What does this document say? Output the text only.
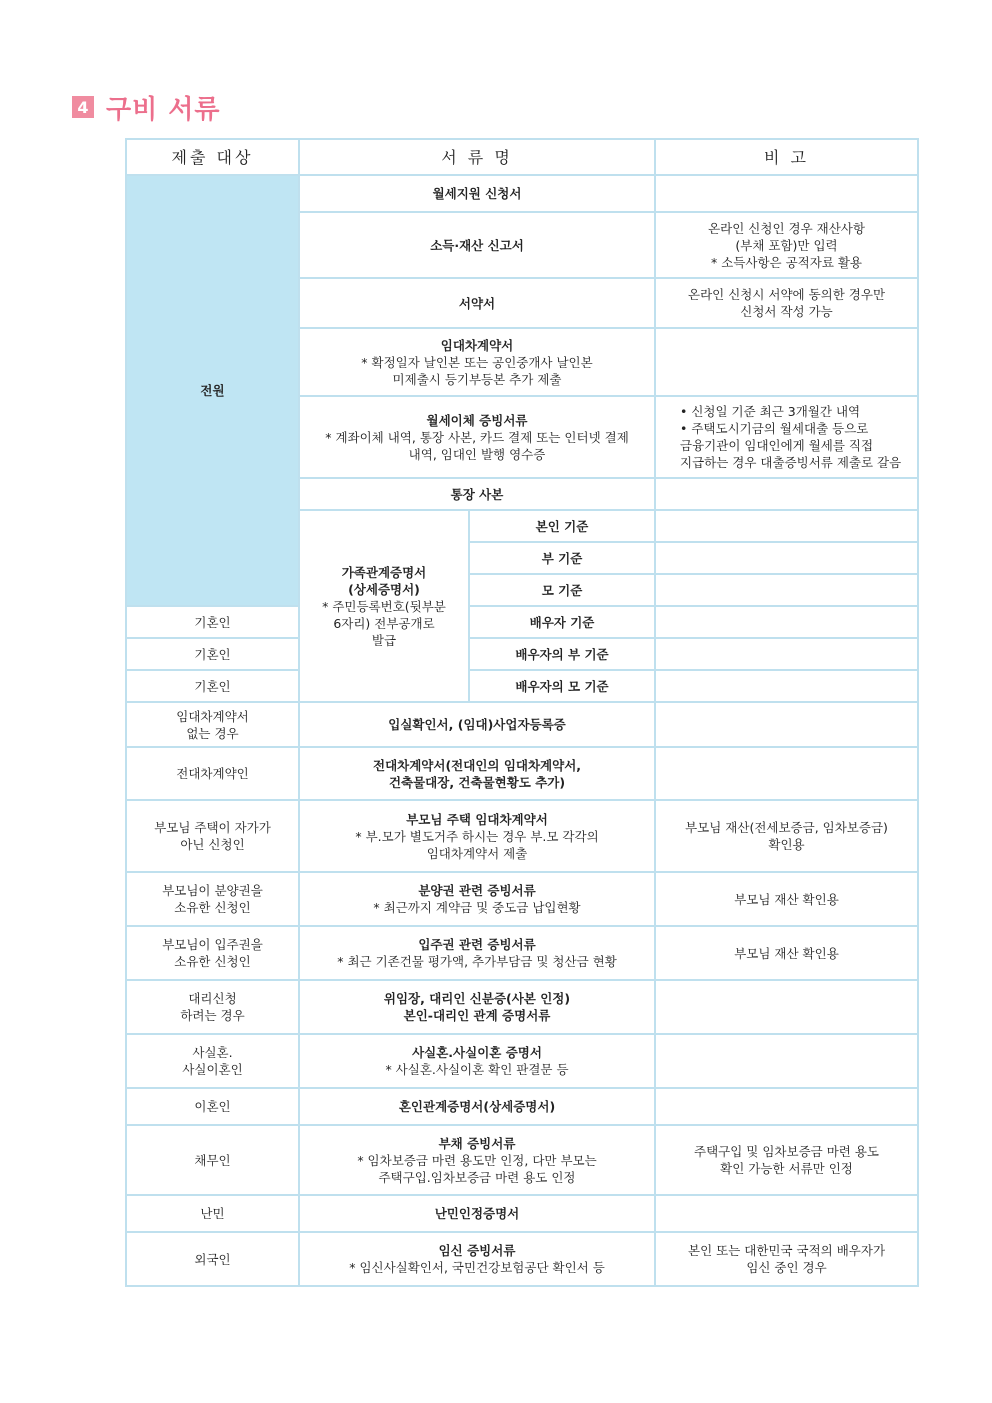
4 구비 서류
제출 대상	서 류 명		비 고
전원	월세지원 신청서		
	소득·재산 신고서		온라인 신청인 경우 재산사항
(부채 포함)만 입력
* 소득사항은 공적자료 활용

	서약서		온라인 신청시 서약에 동의한 경우만
신청서 작성 가능

	임대차계약서
* 확정일자 날인본 또는 공인중개사 날인본
미제출시 등기부등본 추가 제출		

	월세이체 증빙서류
* 계좌이체 내역, 통장 사본, 카드 결제 또는 인터넷 결제
내역, 임대인 발행 영수증		• 신청일 기준 최근 3개월간 내역
• 주택도시기금의 월세대출 등으로
금융기관이 임대인에게 월세를 직접
지급하는 경우 대출증빙서류 제출로 갈음

	통장 사본		

	가족관계증명서
(상세증명서)
* 주민등록번호(뒷부분
6자리) 전부공개로
발급	본인 기준	
		부 기준	
		모 기준	
기혼인		배우자 기준	
기혼인		배우자의 부 기준	
기혼인		배우자의 모 기준	

임대차계약서
없는 경우	입실확인서, (임대)사업자등록증		

전대차계약인	전대차계약서(전대인의 임대차계약서,
건축물대장, 건축물현황도 추가)		

부모님 주택이 자가가
아닌 신청인	부모님 주택 임대차계약서
* 부.모가 별도거주 하시는 경우 부.모 각각의
임대차계약서 제출		부모님 재산(전세보증금, 임차보증금)
확인용

부모님이 분양권을
소유한 신청인	분양권 관련 증빙서류
* 최근까지 계약금 및 중도금 납입현황		부모님 재산 확인용

부모님이 입주권을
소유한 신청인	입주권 관련 증빙서류
* 최근 기존건물 평가액, 추가부담금 및 청산금 현황		부모님 재산 확인용

대리신청
하려는 경우	위임장, 대리인 신분증(사본 인정)
본인-대리인 관계 증명서류		

사실혼.
사실이혼인	사실혼.사실이혼 증명서
* 사실혼.사실이혼 확인 판결문 등		

이혼인	혼인관계증명서(상세증명서)		

채무인	부채 증빙서류
* 임차보증금 마련 용도만 인정, 다만 부모는
주택구입.임차보증금 마련 용도 인정		주택구입 및 임차보증금 마련 용도
확인 가능한 서류만 인정

난민	난민인정증명서		

외국인	임신 증빙서류
* 임신사실확인서, 국민건강보험공단 확인서 등		본인 또는 대한민국 국적의 배우자가
임신 중인 경우
